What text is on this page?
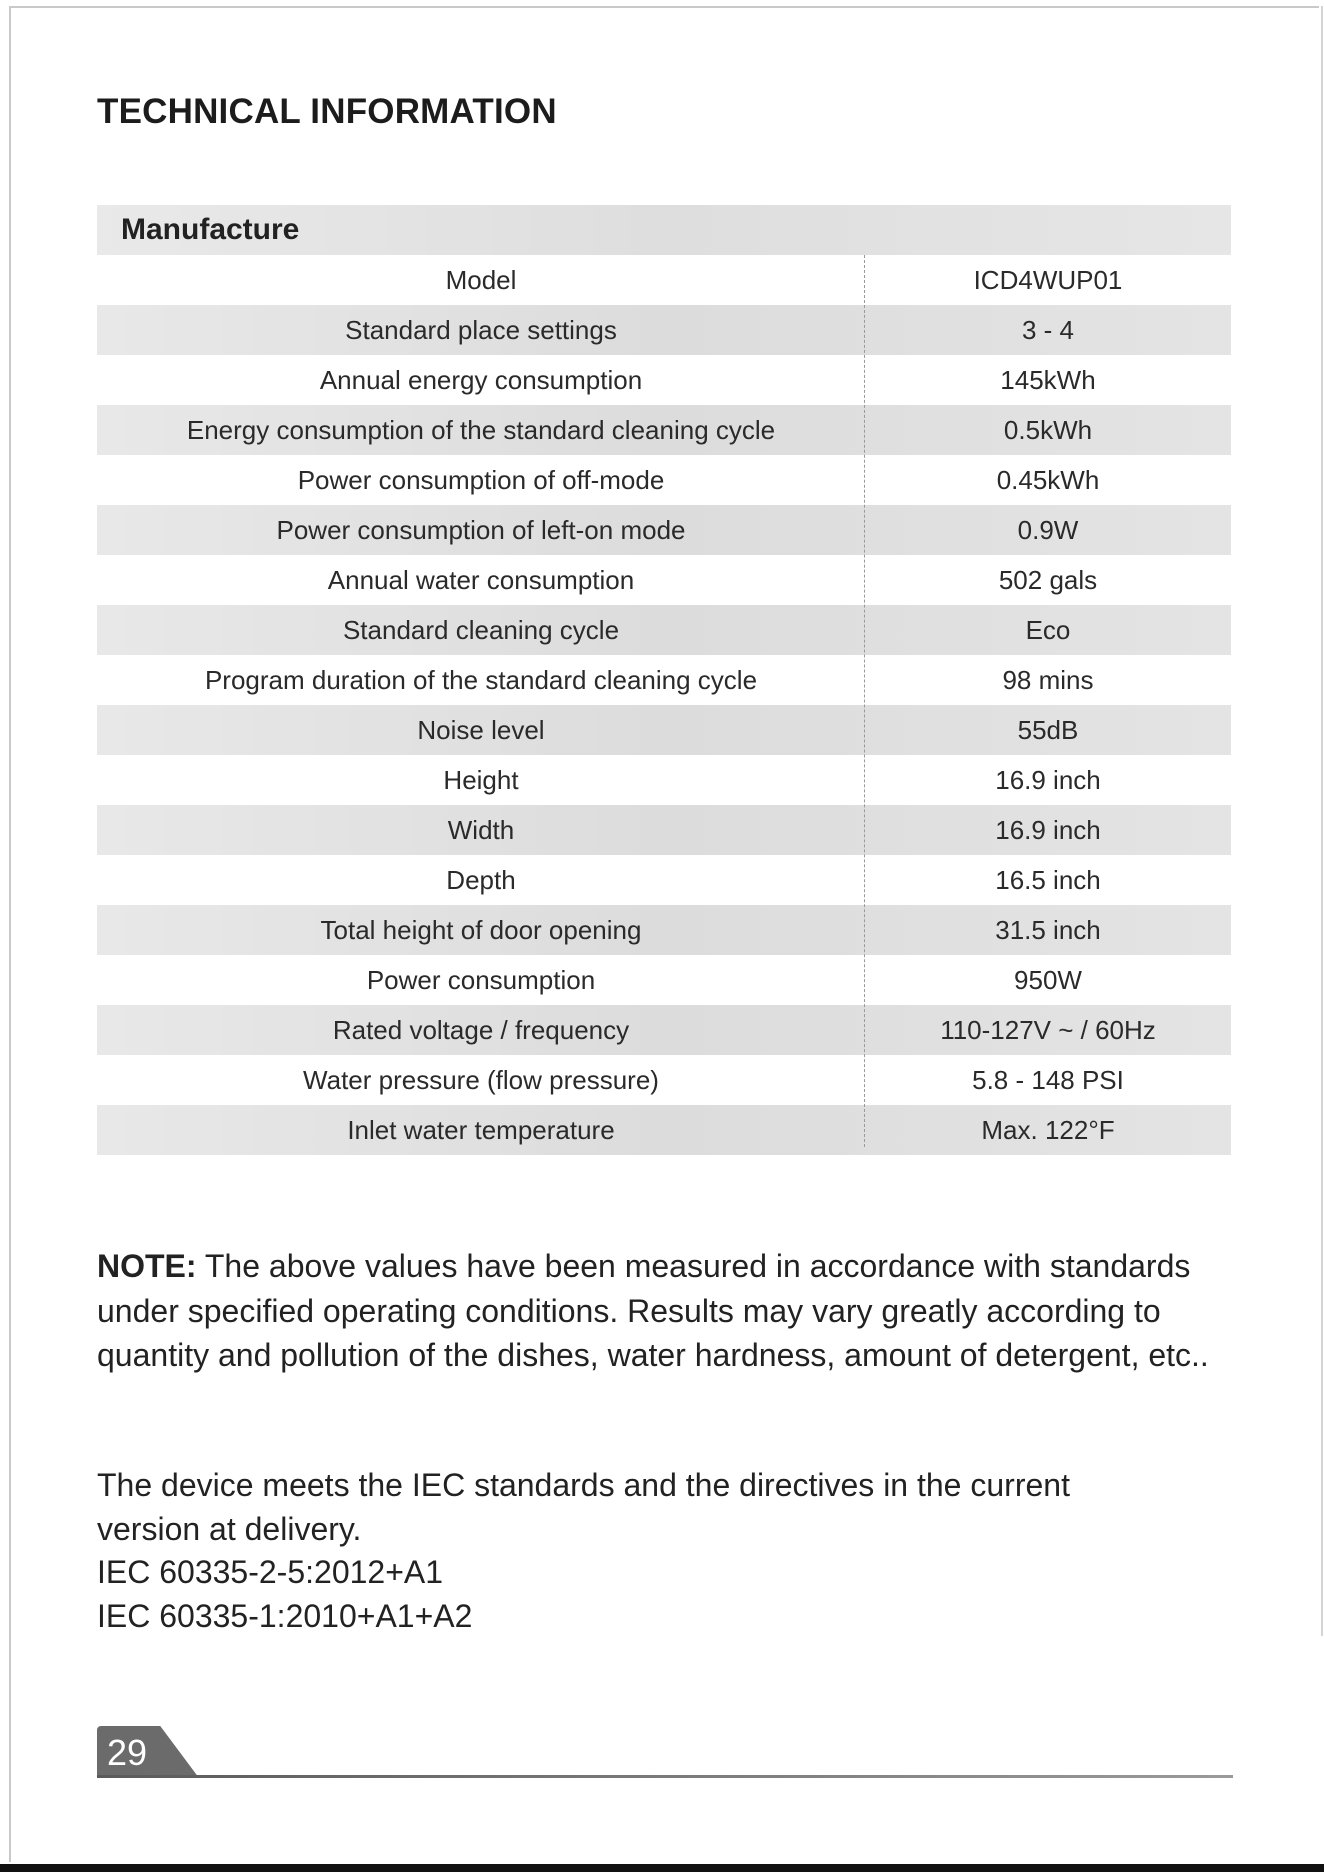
TECHNICAL INFORMATION
Manufacture
Model	ICD4WUP01
Standard place settings	3 - 4
Annual energy consumption	145kWh
Energy consumption of the standard cleaning cycle	0.5kWh
Power consumption of off-mode	0.45kWh
Power consumption of left-on mode	0.9W
Annual water consumption	502 gals
Standard cleaning cycle	Eco
Program duration of the standard cleaning cycle	98 mins
Noise level	55dB
Height	16.9 inch
Width	16.9 inch
Depth	16.5 inch
Total height of door opening	31.5 inch
Power consumption	950W
Rated voltage / frequency	110-127V ~ / 60Hz
Water pressure (flow pressure)	5.8 - 148 PSI
Inlet water temperature	Max. 122°F

NOTE: The above values have been measured in accordance with standards under specified operating conditions. Results may vary greatly according to quantity and pollution of the dishes, water hardness, amount of detergent, etc..

The device meets the IEC standards and the directives in the current
version at delivery.
IEC 60335-2-5:2012+A1
IEC 60335-1:2010+A1+A2
29
